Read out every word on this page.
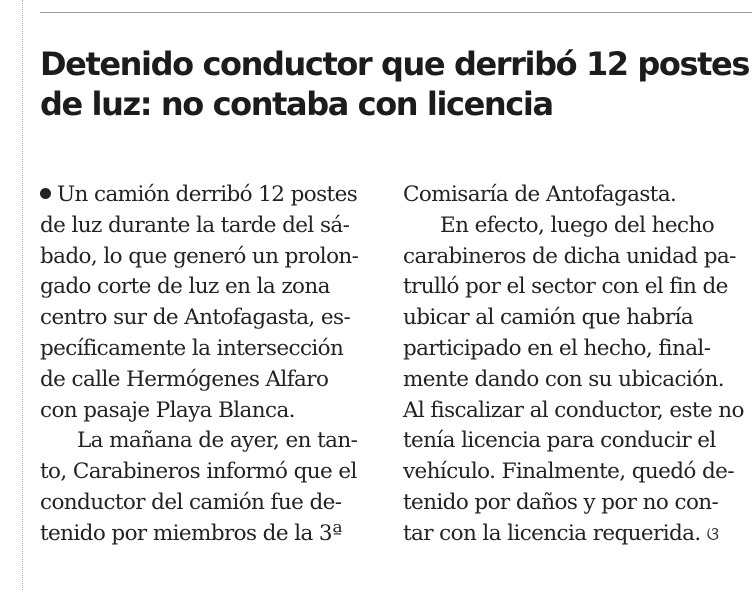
Detenido conductor que derribó 12 postes
de luz: no contaba con licencia
Un camión derribó 12 postes
de luz durante la tarde del sá-
bado, lo que generó un prolon-
gado corte de luz en la zona
centro sur de Antofagasta, es-
pecíficamente la intersección
de calle Hermógenes Alfaro
con pasaje Playa Blanca.
La mañana de ayer, en tan-
to, Carabineros informó que el
conductor del camión fue de-
tenido por miembros de la 3ª
Comisaría de Antofagasta.
En efecto, luego del hecho
carabineros de dicha unidad pa-
trulló por el sector con el fin de
ubicar al camión que habría
participado en el hecho, final-
mente dando con su ubicación.
Al fiscalizar al conductor, este no
tenía licencia para conducir el
vehículo. Finalmente, quedó de-
tenido por daños y por no con-
tar con la licencia requerida. ଓ
